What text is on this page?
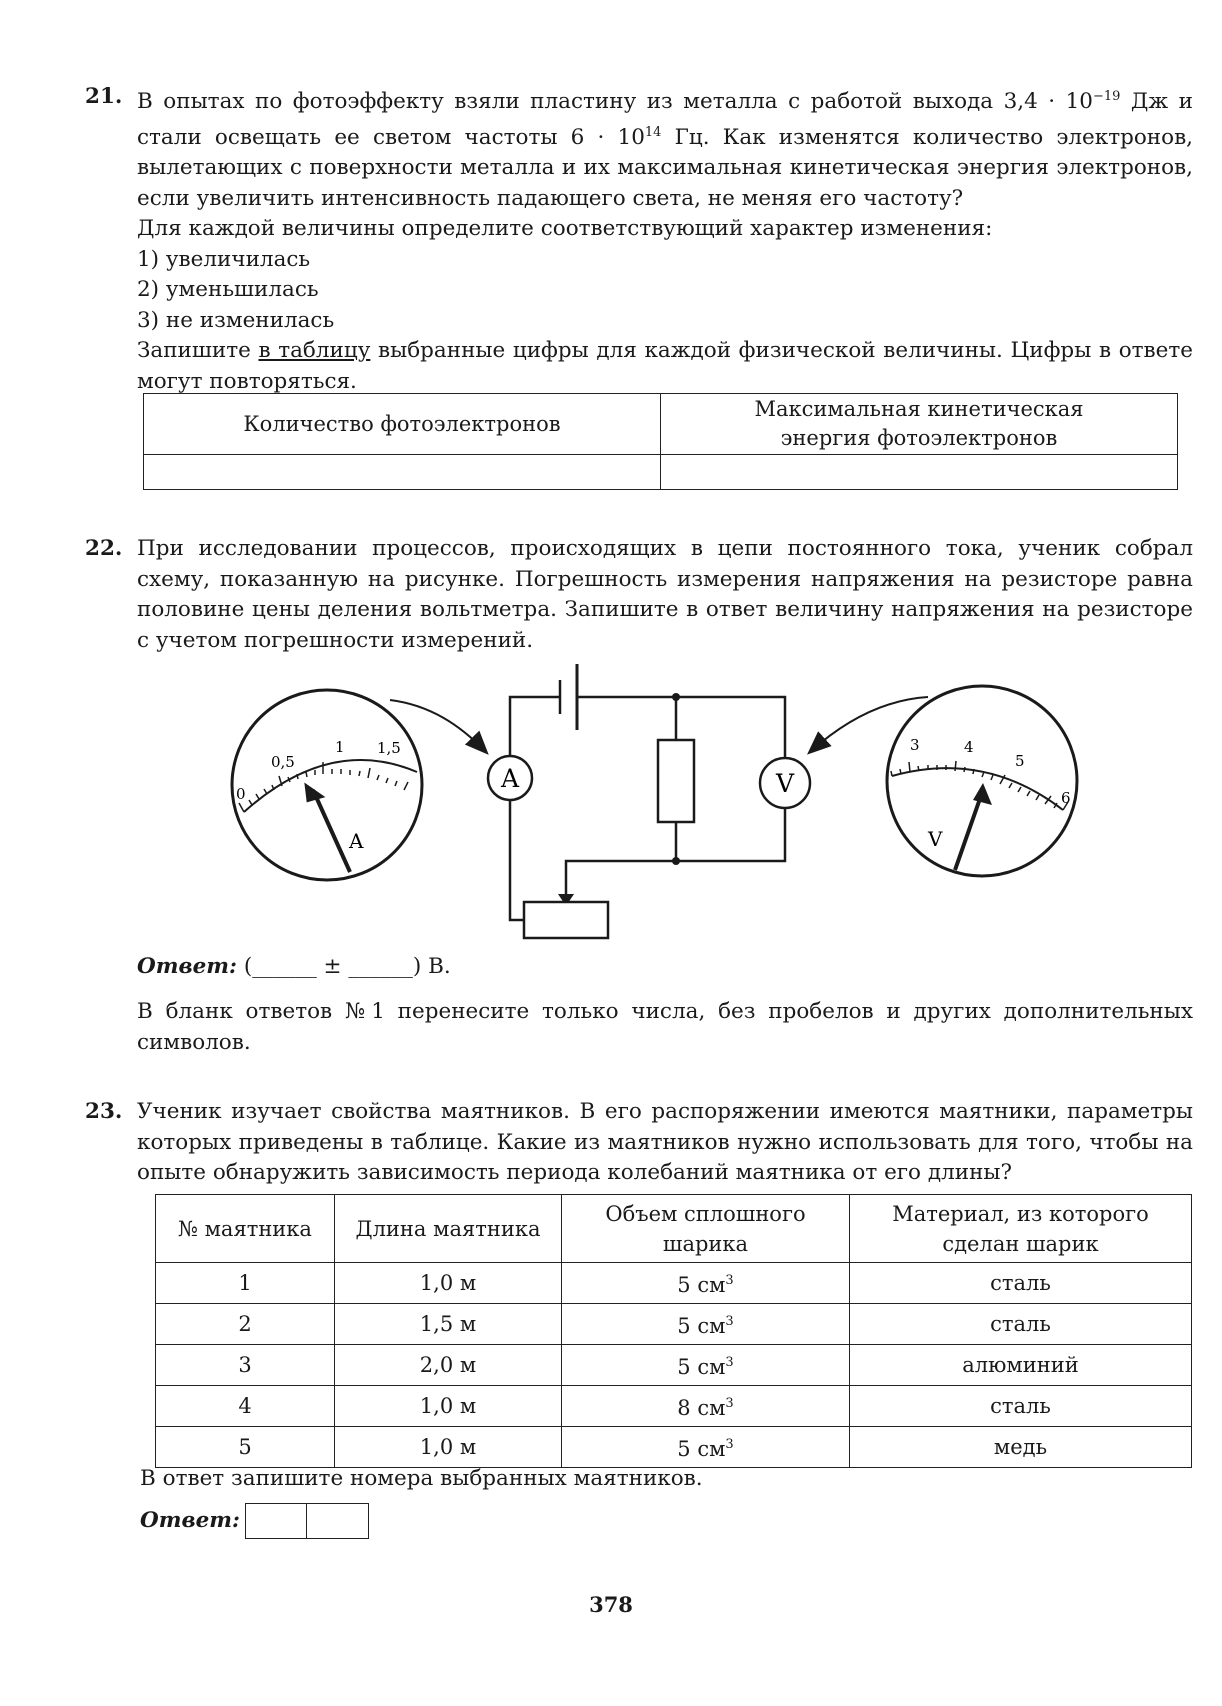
21. В опытах по фотоэффекту взяли пластину из металла с работой выхода $3,4 \cdot 10^{-19}$ Дж и стали освещать ее светом частоты $6 \cdot 10^{14}$ Гц. Как изменятся количество электронов, вылетающих с поверхности металла и их максимальная кинетическая энергия электронов, если увеличить интенсивность падающего света, не меняя его частоту?

Для каждой величины определите соответствующий характер изменения:

1) увеличилась

2) уменьшилась

3) не изменилась

Запишите в таблицу выбранные цифры для каждой физической величины. Цифры в ответе могут повторяться.

Количество фотоэлектронов	Максимальная кинетическая энергия фотоэлектронов

22. При исследовании процессов, происходящих в цепи постоянного тока, ученик собрал схему, показанную на рисунке. Погрешность измерения напряжения на резисторе равна половине цены деления вольтметра. Запишите в ответ величину напряжения на резисторе с учетом погрешности измерений.

0
0,5
1 1,5
A
3	4
5
6
V
A	V
Ответ: (______ ± ______) В.

В бланк ответов №1 перенесите только числа, без пробелов и других дополнительных символов.

23. Ученик изучает свойства маятников. В его распоряжении имеются маятники, параметры которых приведены в таблице. Какие из маятников нужно использовать для того, чтобы на опыте обнаружить зависимость периода колебаний маятника от его длины?

№ маятника	Длина маятника	Объем сплошного шарика	Материал, из которого сделан шарик

1	1,0 м	5 $см^3$	сталь
2	1,5 м	5 $см^3$	сталь
3	2,0 м	5 $см^3$	алюминий
4	1,0 м	8 $см^3$	сталь
5	1,0 м	5 $см^3$	медь
В ответ запишите номера выбранных маятников.
Ответ:
378
